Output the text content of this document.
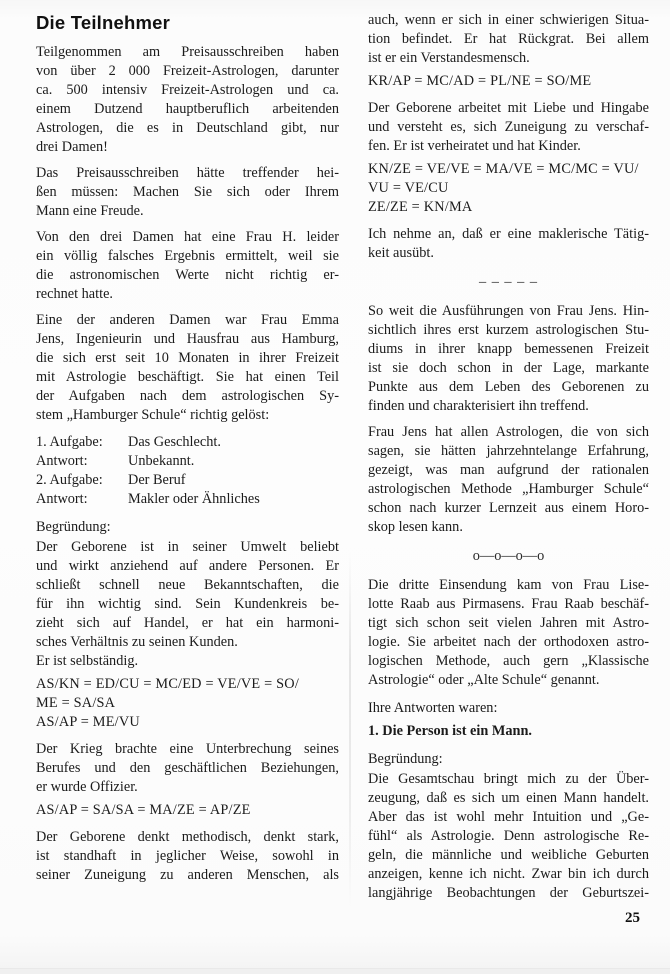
Die Teilnehmer
Teilgenommen am Preisausschreiben haben
von über 2 000 Freizeit-Astrologen, darunter
ca. 500 intensiv Freizeit-Astrologen und ca.
einem Dutzend hauptberuflich arbeitenden
Astrologen, die es in Deutschland gibt, nur
drei Damen!
Das Preisausschreiben hätte treffender hei-
ßen müssen: Machen Sie sich oder Ihrem
Mann eine Freude.
Von den drei Damen hat eine Frau H. leider
ein völlig falsches Ergebnis ermittelt, weil sie
die astronomischen Werte nicht richtig er-
rechnet hatte.
Eine der anderen Damen war Frau Emma
Jens, Ingenieurin und Hausfrau aus Hamburg,
die sich erst seit 10 Monaten in ihrer Freizeit
mit Astrologie beschäftigt. Sie hat einen Teil
der Aufgaben nach dem astrologischen Sy-
stem „Hamburger Schule“ richtig gelöst:
1. Aufgabe:	Das Geschlecht.
Antwort:	Unbekannt.
2. Aufgabe:	Der Beruf
Antwort:	Makler oder Ähnliches
Begründung:
Der Geborene ist in seiner Umwelt beliebt
und wirkt anziehend auf andere Personen. Er
schließt schnell neue Bekanntschaften, die
für ihn wichtig sind. Sein Kundenkreis be-
zieht sich auf Handel, er hat ein harmoni-
sches Verhältnis zu seinen Kunden.
Er ist selbständig.
AS/KN = ED/CU = MC/ED = VE/VE = SO/
ME = SA/SA
AS/AP = ME/VU
Der Krieg brachte eine Unterbrechung seines
Berufes und den geschäftlichen Beziehungen,
er wurde Offizier.
AS/AP = SA/SA = MA/ZE = AP/ZE
Der Geborene denkt methodisch, denkt stark,
ist standhaft in jeglicher Weise, sowohl in
seiner Zuneigung zu anderen Menschen, als
auch, wenn er sich in einer schwierigen Situa-
tion befindet. Er hat Rückgrat. Bei allem
ist er ein Verstandesmensch.
KR/AP = MC/AD = PL/NE = SO/ME
Der Geborene arbeitet mit Liebe und Hingabe
und versteht es, sich Zuneigung zu verschaf-
fen. Er ist verheiratet und hat Kinder.
KN/ZE = VE/VE = MA/VE = MC/MC = VU/
VU = VE/CU
ZE/ZE = KN/MA
Ich nehme an, daß er eine maklerische Tätig-
keit ausübt.
– – – – –
So weit die Ausführungen von Frau Jens. Hin-
sichtlich ihres erst kurzem astrologischen Stu-
diums in ihrer knapp bemessenen Freizeit
ist sie doch schon in der Lage, markante
Punkte aus dem Leben des Geborenen zu
finden und charakterisiert ihn treffend.
Frau Jens hat allen Astrologen, die von sich
sagen, sie hätten jahrzehntelange Erfahrung,
gezeigt, was man aufgrund der rationalen
astrologischen Methode „Hamburger Schule“
schon nach kurzer Lernzeit aus einem Horo-
skop lesen kann.
o—o—o—o
Die dritte Einsendung kam von Frau Lise-
lotte Raab aus Pirmasens. Frau Raab beschäf-
tigt sich schon seit vielen Jahren mit Astro-
logie. Sie arbeitet nach der orthodoxen astro-
logischen Methode, auch gern „Klassische
Astrologie“ oder „Alte Schule“ genannt.
Ihre Antworten waren:
1. Die Person ist ein Mann.
Begründung:
Die Gesamtschau bringt mich zu der Über-
zeugung, daß es sich um einen Mann handelt.
Aber das ist wohl mehr Intuition und „Ge-
fühl“ als Astrologie. Denn astrologische Re-
geln, die männliche und weibliche Geburten
anzeigen, kenne ich nicht. Zwar bin ich durch
langjährige Beobachtungen der Geburtszei-
25
